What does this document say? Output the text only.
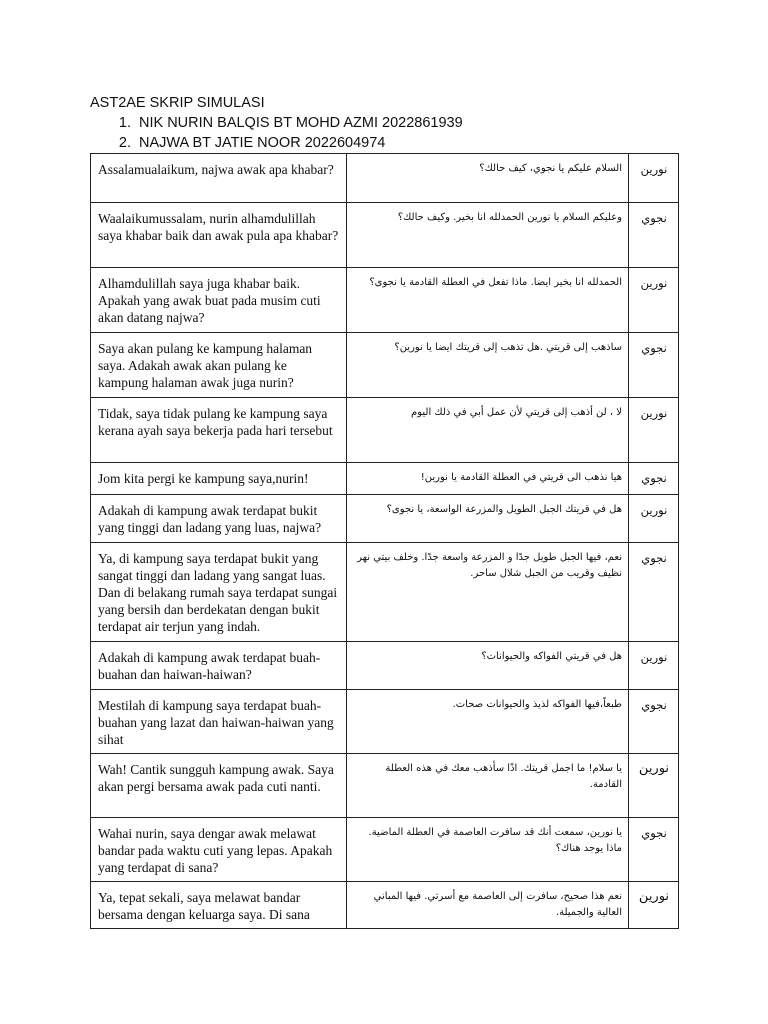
AST2AE SKRIP SIMULASI
1. NIK NURIN BALQIS BT MOHD AZMI 2022861939
2. NAJWA BT JATIE NOOR 2022604974
Assalamualaikum, najwa awak apa khabar?	السلام عليكم يا نجوي، كيف حالك؟	نورين
Waalaikumussalam, nurin alhamdulillah saya khabar baik dan awak pula apa khabar?	وعليكم السلام يا نورين الحمدلله انا بخير. وكيف حالك؟	نجوي
Alhamdulillah saya juga khabar baik. Apakah yang awak buat pada musim cuti akan datang najwa?	الحمدلله انا بخير ايضا. ماذا تفعل في العطلة القادمة يا نجوى؟	نورين
Saya akan pulang ke kampung halaman saya. Adakah awak akan pulang ke kampung halaman awak juga nurin?	ساذهب إلى قريتي .هل تذهب إلى قريتك ايضا يا نورين؟	نجوي
Tidak, saya tidak pulang ke kampung saya kerana ayah saya bekerja pada hari tersebut	لا ، لن أذهب إلى قريتي لأن عمل أبي في ذلك اليوم	نورين
Jom kita pergi ke kampung saya,nurin!	هيا نذهب الى قريتي في العطلة القادمة يا نورين!	نجوي
Adakah di kampung awak terdapat bukit yang tinggi dan ladang yang luas, najwa?	هل في قريتك الجبل الطويل والمزرعة الواسعة، يا نجوى؟	نورين
Ya, di kampung saya terdapat bukit yang sangat tinggi dan ladang yang sangat luas. Dan di belakang rumah saya terdapat sungai yang bersih dan berdekatan dengan bukit terdapat air terjun yang indah.	نعم، فيها الجبل طويل جدًا و المزرعة واسعة جدًا. وخلف بيتي نهر نظيف وقريب من الجبل شلال ساحر.	نجوي
Adakah di kampung awak terdapat buah-buahan dan haiwan-haiwan?	هل في قريتي الفواكه والحيوانات؟	نورين
Mestilah di kampung saya terdapat buah-buahan yang lazat dan haiwan-haiwan yang sihat	طبعاً،فيها الفواكه لذيذ والحيوانات صحات.	نجوي
Wah! Cantik sungguh kampung awak. Saya akan pergi bersama awak pada cuti nanti.	يا سلام! ما اجمل قريتك. اذًا سأذهب معك في هذه العطلة القادمة.	نورين
Wahai nurin, saya dengar awak melawat bandar pada waktu cuti yang lepas. Apakah yang terdapat di sana?	يا نورين، سمعت أنك قد سافرت العاصمة في العطلة الماضية. ماذا يوجد هناك؟	نجوي
Ya, tepat sekali, saya melawat bandar bersama dengan keluarga saya. Di sana	نعم هذا صحيح، سافرت إلى العاصمة مع أسرتي. فيها المباني العالية والجميلة.	نورين
